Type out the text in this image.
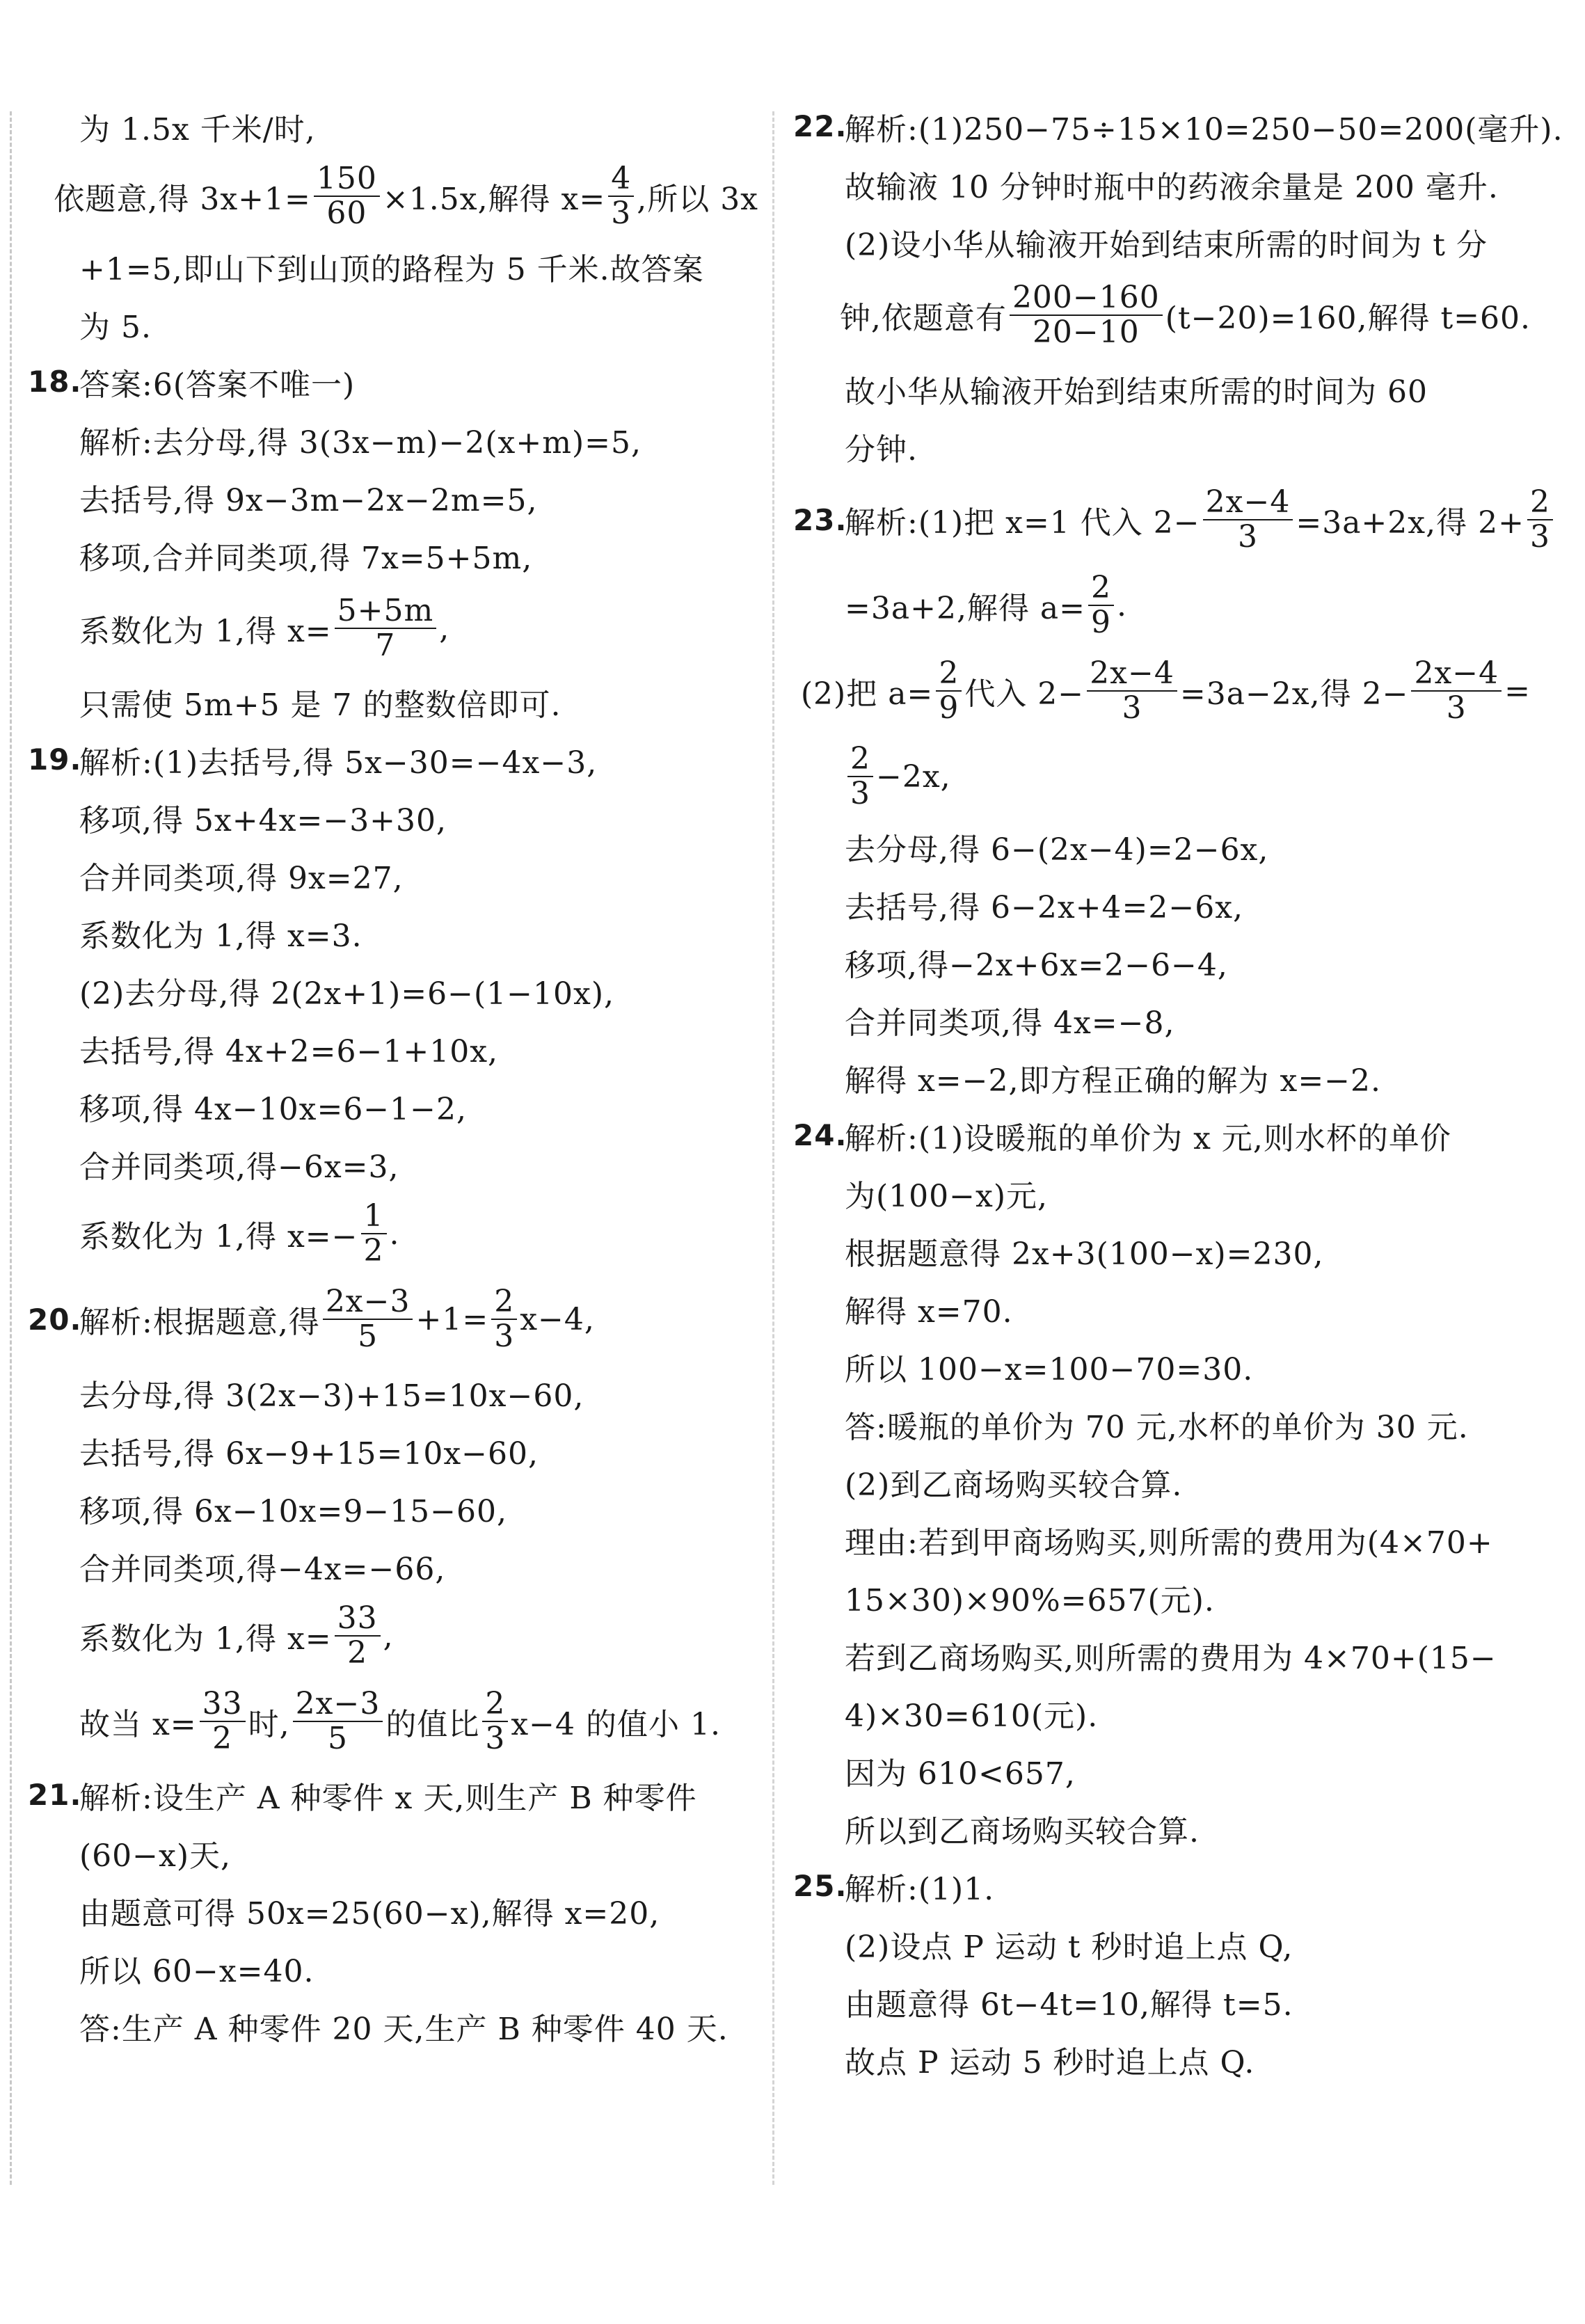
为 1.5x 千米/时,
依题意,得 $3x+1= \frac{150}{60} \times 1.5x$,解得 $x= \frac{4}{3}$ ,所以 3x
+1=5,即山下到山顶的路程为 5 千米.故答案
为 5.
18.
答案:6(答案不唯一)
解析:去分母,得 3(3x−m)−2(x+m)=5,
去括号,得 9x−3m−2x−2m=5,
移项,合并同类项,得 7x=5+5m,
系数化为 1,得 $x= \frac{5+5m}{7}$ ,
只需使 5m+5 是 7 的整数倍即可.
19.
解析:(1)去括号,得 5x−30=−4x−3,
移项,得 5x+4x=−3+30,
合并同类项,得 9x=27,
系数化为 1,得 x=3.
(2)去分母,得 2(2x+1)=6−(1−10x),
去括号,得 4x+2=6−1+10x,
移项,得 4x−10x=6−1−2,
合并同类项,得−6x=3,
系数化为 1,得 $x=- \frac{1}{2}$ .
20.
解析:根据题意,得 $\frac{2x-3}{5} +1= \frac{2}{3} x-4$,
去分母,得 3(2x−3)+15=10x−60,
去括号,得 6x−9+15=10x−60,
移项,得 6x−10x=9−15−60,
合并同类项,得−4x=−66,
系数化为 1,得 $x= \frac{33}{2}$ ,
故当 $x= \frac{33}{2}$ 时, $\frac{2x-3}{5}$ 的值比 $\frac{2}{3} x-4$ 的值小 1.
21.
解析:设生产 A 种零件 x 天,则生产 B 种零件
(60−x)天,
由题意可得 50x=25(60−x),解得 x=20,
所以 60−x=40.
答:生产 A 种零件 20 天,生产 B 种零件 40 天.
22.
解析:(1)250−75÷15×10=250−50=200(毫升).
故输液 10 分钟时瓶中的药液余量是 200 毫升.
(2)设小华从输液开始到结束所需的时间为 t 分
钟,依题意有 $\frac{200-160}{20-10} (t-20)=160$,解得 t=60.
故小华从输液开始到结束所需的时间为 60
分钟.
23.
解析:(1)把 x=1 代入 $2- \frac{2x-4}{3} =3a+2x$,得 $2+ \frac{2}{3}$
=3a+2,解得 $a= \frac{2}{9}$ .
(2)把 $a= \frac{2}{9}$ 代入 $2- \frac{2x-4}{3} =3a-2x$,得 $2- \frac{2x-4}{3}$ =
$\frac{2}{3} -2x$,
去分母,得 6−(2x−4)=2−6x,
去括号,得 6−2x+4=2−6x,
移项,得−2x+6x=2−6−4,
合并同类项,得 4x=−8,
解得 x=−2,即方程正确的解为 x=−2.
24.
解析:(1)设暖瓶的单价为 x 元,则水杯的单价
为(100−x)元,
根据题意得 2x+3(100−x)=230,
解得 x=70.
所以 100−x=100−70=30.
答:暖瓶的单价为 70 元,水杯的单价为 30 元.
(2)到乙商场购买较合算.
理由:若到甲商场购买,则所需的费用为(4×70+
15×30)×90%=657(元).
若到乙商场购买,则所需的费用为 4×70+(15−
4)×30=610(元).
因为 610<657,
所以到乙商场购买较合算.
25.
解析:(1)1.
(2)设点 P 运动 t 秒时追上点 Q,
由题意得 6t−4t=10,解得 t=5.
故点 P 运动 5 秒时追上点 Q.
